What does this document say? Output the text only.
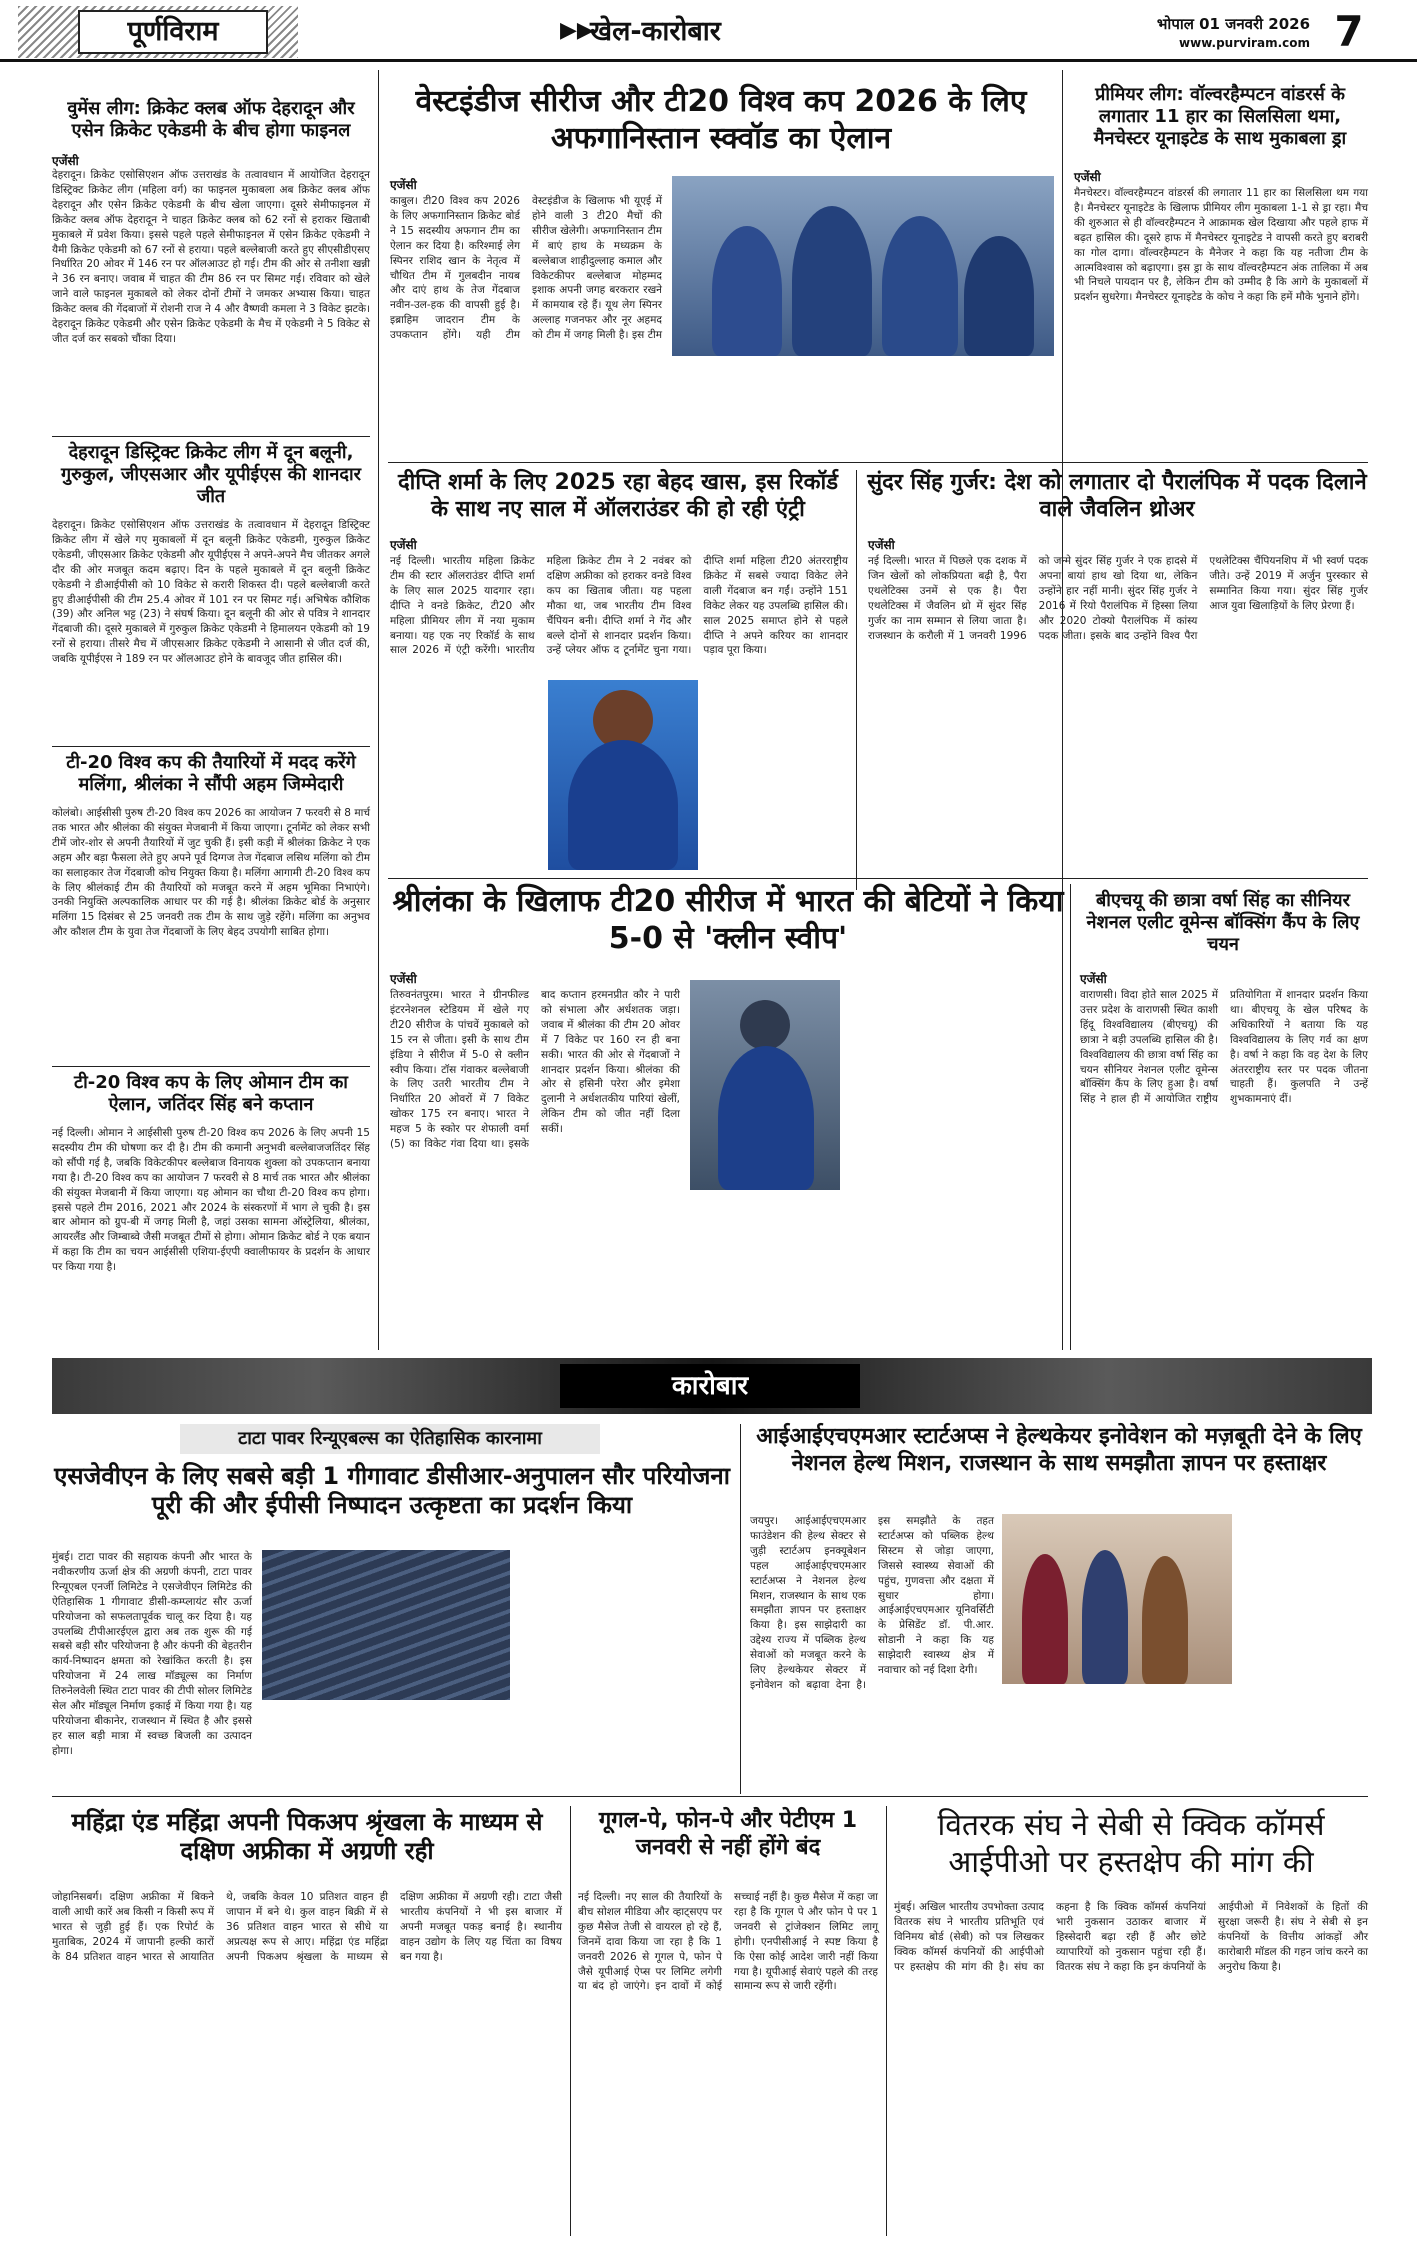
पूर्णविराम	▶▶
खेल-कारोबार	भोपाल 01 जनवरी 2026
www.purviram.com 7
वुमेंस लीग: क्रिकेट क्लब ऑफ देहरादून और एसेन क्रिकेट एकेडमी के बीच होगा फाइनल
एजेंसी
देहरादून। क्रिकेट एसोसिएशन ऑफ उत्तराखंड के तत्वावधान में आयोजित देहरादून डिस्ट्रिक्ट क्रिकेट लीग (महिला वर्ग) का फाइनल मुकाबला अब क्रिकेट क्लब ऑफ देहरादून और एसेन क्रिकेट एकेडमी के बीच खेला जाएगा। दूसरे सेमीफाइनल में क्रिकेट क्लब ऑफ देहरादून ने चाहत क्रिकेट क्लब को 62 रनों से हराकर खिताबी मुकाबले में प्रवेश किया। इससे पहले पहले सेमीफाइनल में एसेन क्रिकेट एकेडमी ने यैमी क्रिकेट एकेडमी को 67 रनों से हराया। पहले बल्लेबाजी करते हुए सीएसीडीएसए निर्धारित 20 ओवर में 146 रन पर ऑलआउट हो गई। टीम की ओर से तनीशा खन्नी ने 36 रन बनाए। जवाब में चाहत की टीम 86 रन पर सिमट गई। रविवार को खेले जाने वाले फाइनल मुकाबले को लेकर दोनों टीमों ने जमकर अभ्यास किया। चाहत क्रिकेट क्लब की गेंदबाजों में रोशनी राज ने 4 और वैष्णवी कमला ने 3 विकेट झटके। देहरादून क्रिकेट एकेडमी और एसेन क्रिकेट एकेडमी के मैच में एकेडमी ने 5 विकेट से जीत दर्ज कर सबको चौंका दिया।
देहरादून डिस्ट्रिक्ट क्रिकेट लीग में दून बलूनी, गुरुकुल, जीएसआर और यूपीईएस की शानदार जीत
देहरादून। क्रिकेट एसोसिएशन ऑफ उत्तराखंड के तत्वावधान में देहरादून डिस्ट्रिक्ट क्रिकेट लीग में खेले गए मुकाबलों में दून बलूनी क्रिकेट एकेडमी, गुरुकुल क्रिकेट एकेडमी, जीएसआर क्रिकेट एकेडमी और यूपीईएस ने अपने-अपने मैच जीतकर अगले दौर की ओर मजबूत कदम बढ़ाए। दिन के पहले मुकाबले में दून बलूनी क्रिकेट एकेडमी ने डीआईपीसी को 10 विकेट से करारी शिकस्त दी। पहले बल्लेबाजी करते हुए डीआईपीसी की टीम 25.4 ओवर में 101 रन पर सिमट गई। अभिषेक कौशिक (39) और अनिल भट्ट (23) ने संघर्ष किया। दून बलूनी की ओर से पवित्र ने शानदार गेंदबाजी की। दूसरे मुकाबले में गुरुकुल क्रिकेट एकेडमी ने हिमालयन एकेडमी को 19 रनों से हराया। तीसरे मैच में जीएसआर क्रिकेट एकेडमी ने आसानी से जीत दर्ज की, जबकि यूपीईएस ने 189 रन पर ऑलआउट होने के बावजूद जीत हासिल की।
टी-20 विश्व कप की तैयारियों में मदद करेंगे मलिंगा, श्रीलंका ने सौंपी अहम जिम्मेदारी
कोलंबो। आईसीसी पुरुष टी-20 विश्व कप 2026 का आयोजन 7 फरवरी से 8 मार्च तक भारत और श्रीलंका की संयुक्त मेजबानी में किया जाएगा। टूर्नामेंट को लेकर सभी टीमें जोर-शोर से अपनी तैयारियों में जुट चुकी हैं। इसी कड़ी में श्रीलंका क्रिकेट ने एक अहम और बड़ा फैसला लेते हुए अपने पूर्व दिग्गज तेज गेंदबाज लसिथ मलिंगा को टीम का सलाहकार तेज गेंदबाजी कोच नियुक्त किया है। मलिंगा आगामी टी-20 विश्व कप के लिए श्रीलंकाई टीम की तैयारियों को मजबूत करने में अहम भूमिका निभाएंगे। उनकी नियुक्ति अल्पकालिक आधार पर की गई है। श्रीलंका क्रिकेट बोर्ड के अनुसार मलिंगा 15 दिसंबर से 25 जनवरी तक टीम के साथ जुड़े रहेंगे। मलिंगा का अनुभव और कौशल टीम के युवा तेज गेंदबाजों के लिए बेहद उपयोगी साबित होगा।
टी-20 विश्व कप के लिए ओमान टीम का ऐलान, जतिंदर सिंह बने कप्तान
नई दिल्ली। ओमान ने आईसीसी पुरुष टी-20 विश्व कप 2026 के लिए अपनी 15 सदस्यीय टीम की घोषणा कर दी है। टीम की कमानी अनुभवी बल्लेबाजजतिंदर सिंह को सौंपी गई है, जबकि विकेटकीपर बल्लेबाज विनायक शुक्ला को उपकप्तान बनाया गया है। टी-20 विश्व कप का आयोजन 7 फरवरी से 8 मार्च तक भारत और श्रीलंका की संयुक्त मेजबानी में किया जाएगा। यह ओमान का चौथा टी-20 विश्व कप होगा। इससे पहले टीम 2016, 2021 और 2024 के संस्करणों में भाग ले चुकी है। इस बार ओमान को ग्रुप-बी में जगह मिली है, जहां उसका सामना ऑस्ट्रेलिया, श्रीलंका, आयरलैंड और जिम्बाब्वे जैसी मजबूत टीमों से होगा। ओमान क्रिकेट बोर्ड ने एक बयान में कहा कि टीम का चयन आईसीसी एशिया-ईएपी क्वालीफायर के प्रदर्शन के आधार पर किया गया है।
वेस्टइंडीज सीरीज और टी20 विश्व कप 2026 के लिए अफगानिस्तान स्क्वॉड का ऐलान
एजेंसी
काबुल। टी20 विश्व कप 2026 के लिए अफगानिस्तान क्रिकेट बोर्ड ने 15 सदस्यीय अफगान टीम का ऐलान कर दिया है। करिश्माई लेग स्पिनर राशिद खान के नेतृत्व में चौथित टीम में गुलबदीन नायब और दाएं हाथ के तेज गेंदबाज नवीन-उल-हक की वापसी हुई है। इब्राहिम जादरान टीम के उपकप्तान होंगे। यही टीम वेस्टइंडीज के खिलाफ भी यूएई में होने वाली 3 टी20 मैचों की सीरीज खेलेगी। अफगानिस्तान टीम में बाएं हाथ के मध्यक्रम के बल्लेबाज शाहीदुल्लाह कमाल और विकेटकीपर बल्लेबाज मोहम्मद इशाक अपनी जगह बरकरार रखने में कामयाब रहे हैं। यूथ लेग स्पिनर अल्लाह गजनफर और नूर अहमद को टीम में जगह मिली है। इस टीम
प्रीमियर लीग: वॉल्वरहैम्पटन वांडरर्स के लगातार 11 हार का सिलसिला थमा, मैनचेस्टर यूनाइटेड के साथ मुकाबला ड्रा
एजेंसी
मैनचेस्टर। वॉल्वरहैम्पटन वांडरर्स की लगातार 11 हार का सिलसिला थम गया है। मैनचेस्टर यूनाइटेड के खिलाफ प्रीमियर लीग मुकाबला 1-1 से ड्रा रहा। मैच की शुरुआत से ही वॉल्वरहैम्पटन ने आक्रामक खेल दिखाया और पहले हाफ में बढ़त हासिल की। दूसरे हाफ में मैनचेस्टर यूनाइटेड ने वापसी करते हुए बराबरी का गोल दागा। वॉल्वरहैम्पटन के मैनेजर ने कहा कि यह नतीजा टीम के आत्मविश्वास को बढ़ाएगा। इस ड्रा के साथ वॉल्वरहैम्पटन अंक तालिका में अब भी निचले पायदान पर है, लेकिन टीम को उम्मीद है कि आगे के मुकाबलों में प्रदर्शन सुधरेगा। मैनचेस्टर यूनाइटेड के कोच ने कहा कि हमें मौके भुनाने होंगे।
दीप्ति शर्मा के लिए 2025 रहा बेहद खास, इस रिकॉर्ड के साथ नए साल में ऑलराउंडर की हो रही एंट्री
एजेंसी
नई दिल्ली। भारतीय महिला क्रिकेट टीम की स्टार ऑलराउंडर दीप्ति शर्मा के लिए साल 2025 यादगार रहा। दीप्ति ने वनडे क्रिकेट, टी20 और महिला प्रीमियर लीग में नया मुकाम बनाया। यह एक नए रिकॉर्ड के साथ साल 2026 में एंट्री करेंगी। भारतीय महिला क्रिकेट टीम ने 2 नवंबर को दक्षिण अफ्रीका को हराकर वनडे विश्व कप का खिताब जीता। यह पहला मौका था, जब भारतीय टीम विश्व चैंपियन बनी। दीप्ति शर्मा ने गेंद और बल्ले दोनों से शानदार प्रदर्शन किया। उन्हें प्लेयर ऑफ द टूर्नामेंट चुना गया। दीप्ति शर्मा महिला टी20 अंतरराष्ट्रीय क्रिकेट में सबसे ज्यादा विकेट लेने वाली गेंदबाज बन गईं। उन्होंने 151 विकेट लेकर यह उपलब्धि हासिल की। साल 2025 समाप्त होने से पहले दीप्ति ने अपने करियर का शानदार पड़ाव पूरा किया।
सुंदर सिंह गुर्जर: देश को लगातार दो पैरालंपिक में पदक दिलाने वाले जैवलिन थ्रोअर
एजेंसी
नई दिल्ली। भारत में पिछले एक दशक में जिन खेलों को लोकप्रियता बढ़ी है, पैरा एथलेटिक्स उनमें से एक है। पैरा एथलेटिक्स में जैवलिन थ्रो में सुंदर सिंह गुर्जर का नाम सम्मान से लिया जाता है। राजस्थान के करौली में 1 जनवरी 1996 को जन्मे सुंदर सिंह गुर्जर ने एक हादसे में अपना बायां हाथ खो दिया था, लेकिन उन्होंने हार नहीं मानी। सुंदर सिंह गुर्जर ने 2016 में रियो पैरालंपिक में हिस्सा लिया और 2020 टोक्यो पैरालंपिक में कांस्य पदक जीता। इसके बाद उन्होंने विश्व पैरा एथलेटिक्स चैंपियनशिप में भी स्वर्ण पदक जीते। उन्हें 2019 में अर्जुन पुरस्कार से सम्मानित किया गया। सुंदर सिंह गुर्जर आज युवा खिलाड़ियों के लिए प्रेरणा हैं।
श्रीलंका के खिलाफ टी20 सीरीज में भारत की बेटियों ने किया 5-0 से 'क्लीन स्वीप'
एजेंसी
तिरुवनंतपुरम। भारत ने ग्रीनफील्ड इंटरनेशनल स्टेडियम में खेले गए टी20 सीरीज के पांचवें मुकाबले को 15 रन से जीता। इसी के साथ टीम इंडिया ने सीरीज में 5-0 से क्लीन स्वीप किया। टॉस गंवाकर बल्लेबाजी के लिए उतरी भारतीय टीम ने निर्धारित 20 ओवरों में 7 विकेट खोकर 175 रन बनाए। भारत ने महज 5 के स्कोर पर शेफाली वर्मा (5) का विकेट गंवा दिया था। इसके बाद कप्तान हरमनप्रीत कौर ने पारी को संभाला और अर्धशतक जड़ा। जवाब में श्रीलंका की टीम 20 ओवर में 7 विकेट पर 160 रन ही बना सकी। भारत की ओर से गेंदबाजों ने शानदार प्रदर्शन किया। श्रीलंका की ओर से हसिनी परेरा और इमेशा दुलानी ने अर्धशतकीय पारियां खेलीं, लेकिन टीम को जीत नहीं दिला सकीं।
बीएचयू की छात्रा वर्षा सिंह का सीनियर नेशनल एलीट वूमेन्स बॉक्सिंग कैंप के लिए चयन
एजेंसी
वाराणसी। विदा होते साल 2025 में उत्तर प्रदेश के वाराणसी स्थित काशी हिंदू विश्वविद्यालय (बीएचयू) की छात्रा ने बड़ी उपलब्धि हासिल की है। विश्वविद्यालय की छात्रा वर्षा सिंह का चयन सीनियर नेशनल एलीट वूमेन्स बॉक्सिंग कैंप के लिए हुआ है। वर्षा सिंह ने हाल ही में आयोजित राष्ट्रीय प्रतियोगिता में शानदार प्रदर्शन किया था। बीएचयू के खेल परिषद के अधिकारियों ने बताया कि यह विश्वविद्यालय के लिए गर्व का क्षण है। वर्षा ने कहा कि वह देश के लिए अंतरराष्ट्रीय स्तर पर पदक जीतना चाहती हैं। कुलपति ने उन्हें शुभकामनाएं दीं।
कारोबार
टाटा पावर रिन्यूएबल्स का ऐतिहासिक कारनामा
एसजेवीएन के लिए सबसे बड़ी 1 गीगावाट डीसीआर-अनुपालन सौर परियोजना पूरी की और ईपीसी निष्पादन उत्कृष्टता का प्रदर्शन किया
मुंबई। टाटा पावर की सहायक कंपनी और भारत के नवीकरणीय ऊर्जा क्षेत्र की अग्रणी कंपनी, टाटा पावर रिन्यूएबल एनर्जी लिमिटेड ने एसजेवीएन लिमिटेड की ऐतिहासिक 1 गीगावाट डीसी-कम्प्लायंट सौर ऊर्जा परियोजना को सफलतापूर्वक चालू कर दिया है। यह उपलब्धि टीपीआरईएल द्वारा अब तक शुरू की गई सबसे बड़ी सौर परियोजना है और कंपनी की बेहतरीन कार्य-निष्पादन क्षमता को रेखांकित करती है। इस परियोजना में 24 लाख मॉड्यूल्स का निर्माण तिरुनेलवेली स्थित टाटा पावर की टीपी सोलर लिमिटेड सेल और मॉड्यूल निर्माण इकाई में किया गया है। यह परियोजना बीकानेर, राजस्थान में स्थित है और इससे हर साल बड़ी मात्रा में स्वच्छ बिजली का उत्पादन होगा।
आईआईएचएमआर स्टार्टअप्स ने हेल्थकेयर इनोवेशन को मज़बूती देने के लिए नेशनल हेल्थ मिशन, राजस्थान के साथ समझौता ज्ञापन पर हस्ताक्षर
जयपुर। आईआईएचएमआर फाउंडेशन की हेल्थ सेक्टर से जुड़ी स्टार्टअप इनक्यूबेशन पहल आईआईएचएमआर स्टार्टअप्स ने नेशनल हेल्थ मिशन, राजस्थान के साथ एक समझौता ज्ञापन पर हस्ताक्षर किया है। इस साझेदारी का उद्देश्य राज्य में पब्लिक हेल्थ सेवाओं को मजबूत करने के लिए हेल्थकेयर सेक्टर में इनोवेशन को बढ़ावा देना है। इस समझौते के तहत स्टार्टअप्स को पब्लिक हेल्थ सिस्टम से जोड़ा जाएगा, जिससे स्वास्थ्य सेवाओं की पहुंच, गुणवत्ता और दक्षता में सुधार होगा। आईआईएचएमआर यूनिवर्सिटी के प्रेसिडेंट डॉ. पी.आर. सोडानी ने कहा कि यह साझेदारी स्वास्थ्य क्षेत्र में नवाचार को नई दिशा देगी।
महिंद्रा एंड महिंद्रा अपनी पिकअप श्रृंखला के माध्यम से दक्षिण अफ्रीका में अग्रणी रही
जोहानिसबर्ग। दक्षिण अफ्रीका में बिकने वाली आधी कारें अब किसी न किसी रूप में भारत से जुड़ी हुई हैं। एक रिपोर्ट के मुताबिक, 2024 में जापानी हल्की कारों के 84 प्रतिशत वाहन भारत से आयातित थे, जबकि केवल 10 प्रतिशत वाहन ही जापान में बने थे। कुल वाहन बिक्री में से 36 प्रतिशत वाहन भारत से सीधे या अप्रत्यक्ष रूप से आए। महिंद्रा एंड महिंद्रा अपनी पिकअप श्रृंखला के माध्यम से दक्षिण अफ्रीका में अग्रणी रही। टाटा जैसी भारतीय कंपनियों ने भी इस बाजार में अपनी मजबूत पकड़ बनाई है। स्थानीय वाहन उद्योग के लिए यह चिंता का विषय बन गया है।
गूगल-पे, फोन-पे और पेटीएम 1 जनवरी से नहीं होंगे बंद
नई दिल्ली। नए साल की तैयारियों के बीच सोशल मीडिया और व्हाट्सएप पर कुछ मैसेज तेजी से वायरल हो रहे हैं, जिनमें दावा किया जा रहा है कि 1 जनवरी 2026 से गूगल पे, फोन पे जैसे यूपीआई ऐप्स पर लिमिट लगेगी या बंद हो जाएंगे। इन दावों में कोई सच्चाई नहीं है। कुछ मैसेज में कहा जा रहा है कि गूगल पे और फोन पे पर 1 जनवरी से ट्रांजेक्शन लिमिट लागू होगी। एनपीसीआई ने स्पष्ट किया है कि ऐसा कोई आदेश जारी नहीं किया गया है। यूपीआई सेवाएं पहले की तरह सामान्य रूप से जारी रहेंगी।
वितरक संघ ने सेबी से क्विक कॉमर्स आईपीओ पर हस्तक्षेप की मांग की
मुंबई। अखिल भारतीय उपभोक्ता उत्पाद वितरक संघ ने भारतीय प्रतिभूति एवं विनिमय बोर्ड (सेबी) को पत्र लिखकर क्विक कॉमर्स कंपनियों की आईपीओ पर हस्तक्षेप की मांग की है। संघ का कहना है कि क्विक कॉमर्स कंपनियां भारी नुकसान उठाकर बाजार में हिस्सेदारी बढ़ा रही हैं और छोटे व्यापारियों को नुकसान पहुंचा रही हैं। वितरक संघ ने कहा कि इन कंपनियों के आईपीओ में निवेशकों के हितों की सुरक्षा जरूरी है। संघ ने सेबी से इन कंपनियों के वित्तीय आंकड़ों और कारोबारी मॉडल की गहन जांच करने का अनुरोध किया है।
